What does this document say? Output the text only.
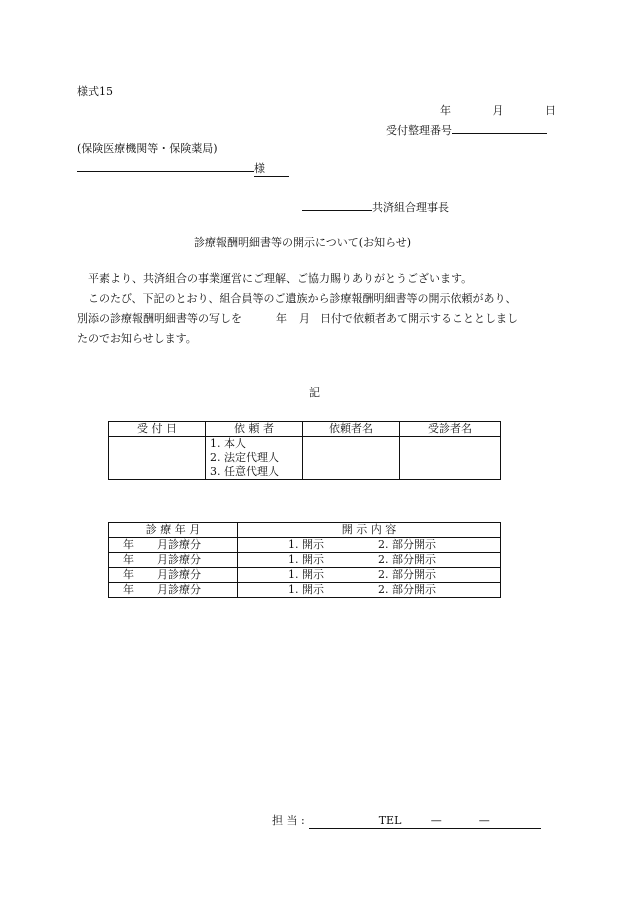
様式15
年	月	日
受付整理番号
(保険医療機関等・保険薬局)
様
共済組合理事長
診療報酬明細書等の開示について(お知らせ)

平素より、共済組合の事業運営にご理解、ご協力賜りありがとうございます。

このたび、下記のとおり、組合員等のご遺族から診療報酬明細書等の開示依頼があり、

別添の診療報酬明細書等の写しを	年 月 日付で依頼者あて開示することとしまし

たのでお知らせします。

記
受 付 日	依 頼 者	依頼者名	受診者名

	1. 本人
2. 法定代理人
3. 任意代理人		

診 療 年 月	開 示 内 容
年 月診療分	1. 開示 2. 部分開示
年 月診療分	1. 開示 2. 部分開示
年 月診療分	1. 開示 2. 部分開示
年 月診療分	1. 開示 2. 部分開示
担 当 :	TEL	—	—
